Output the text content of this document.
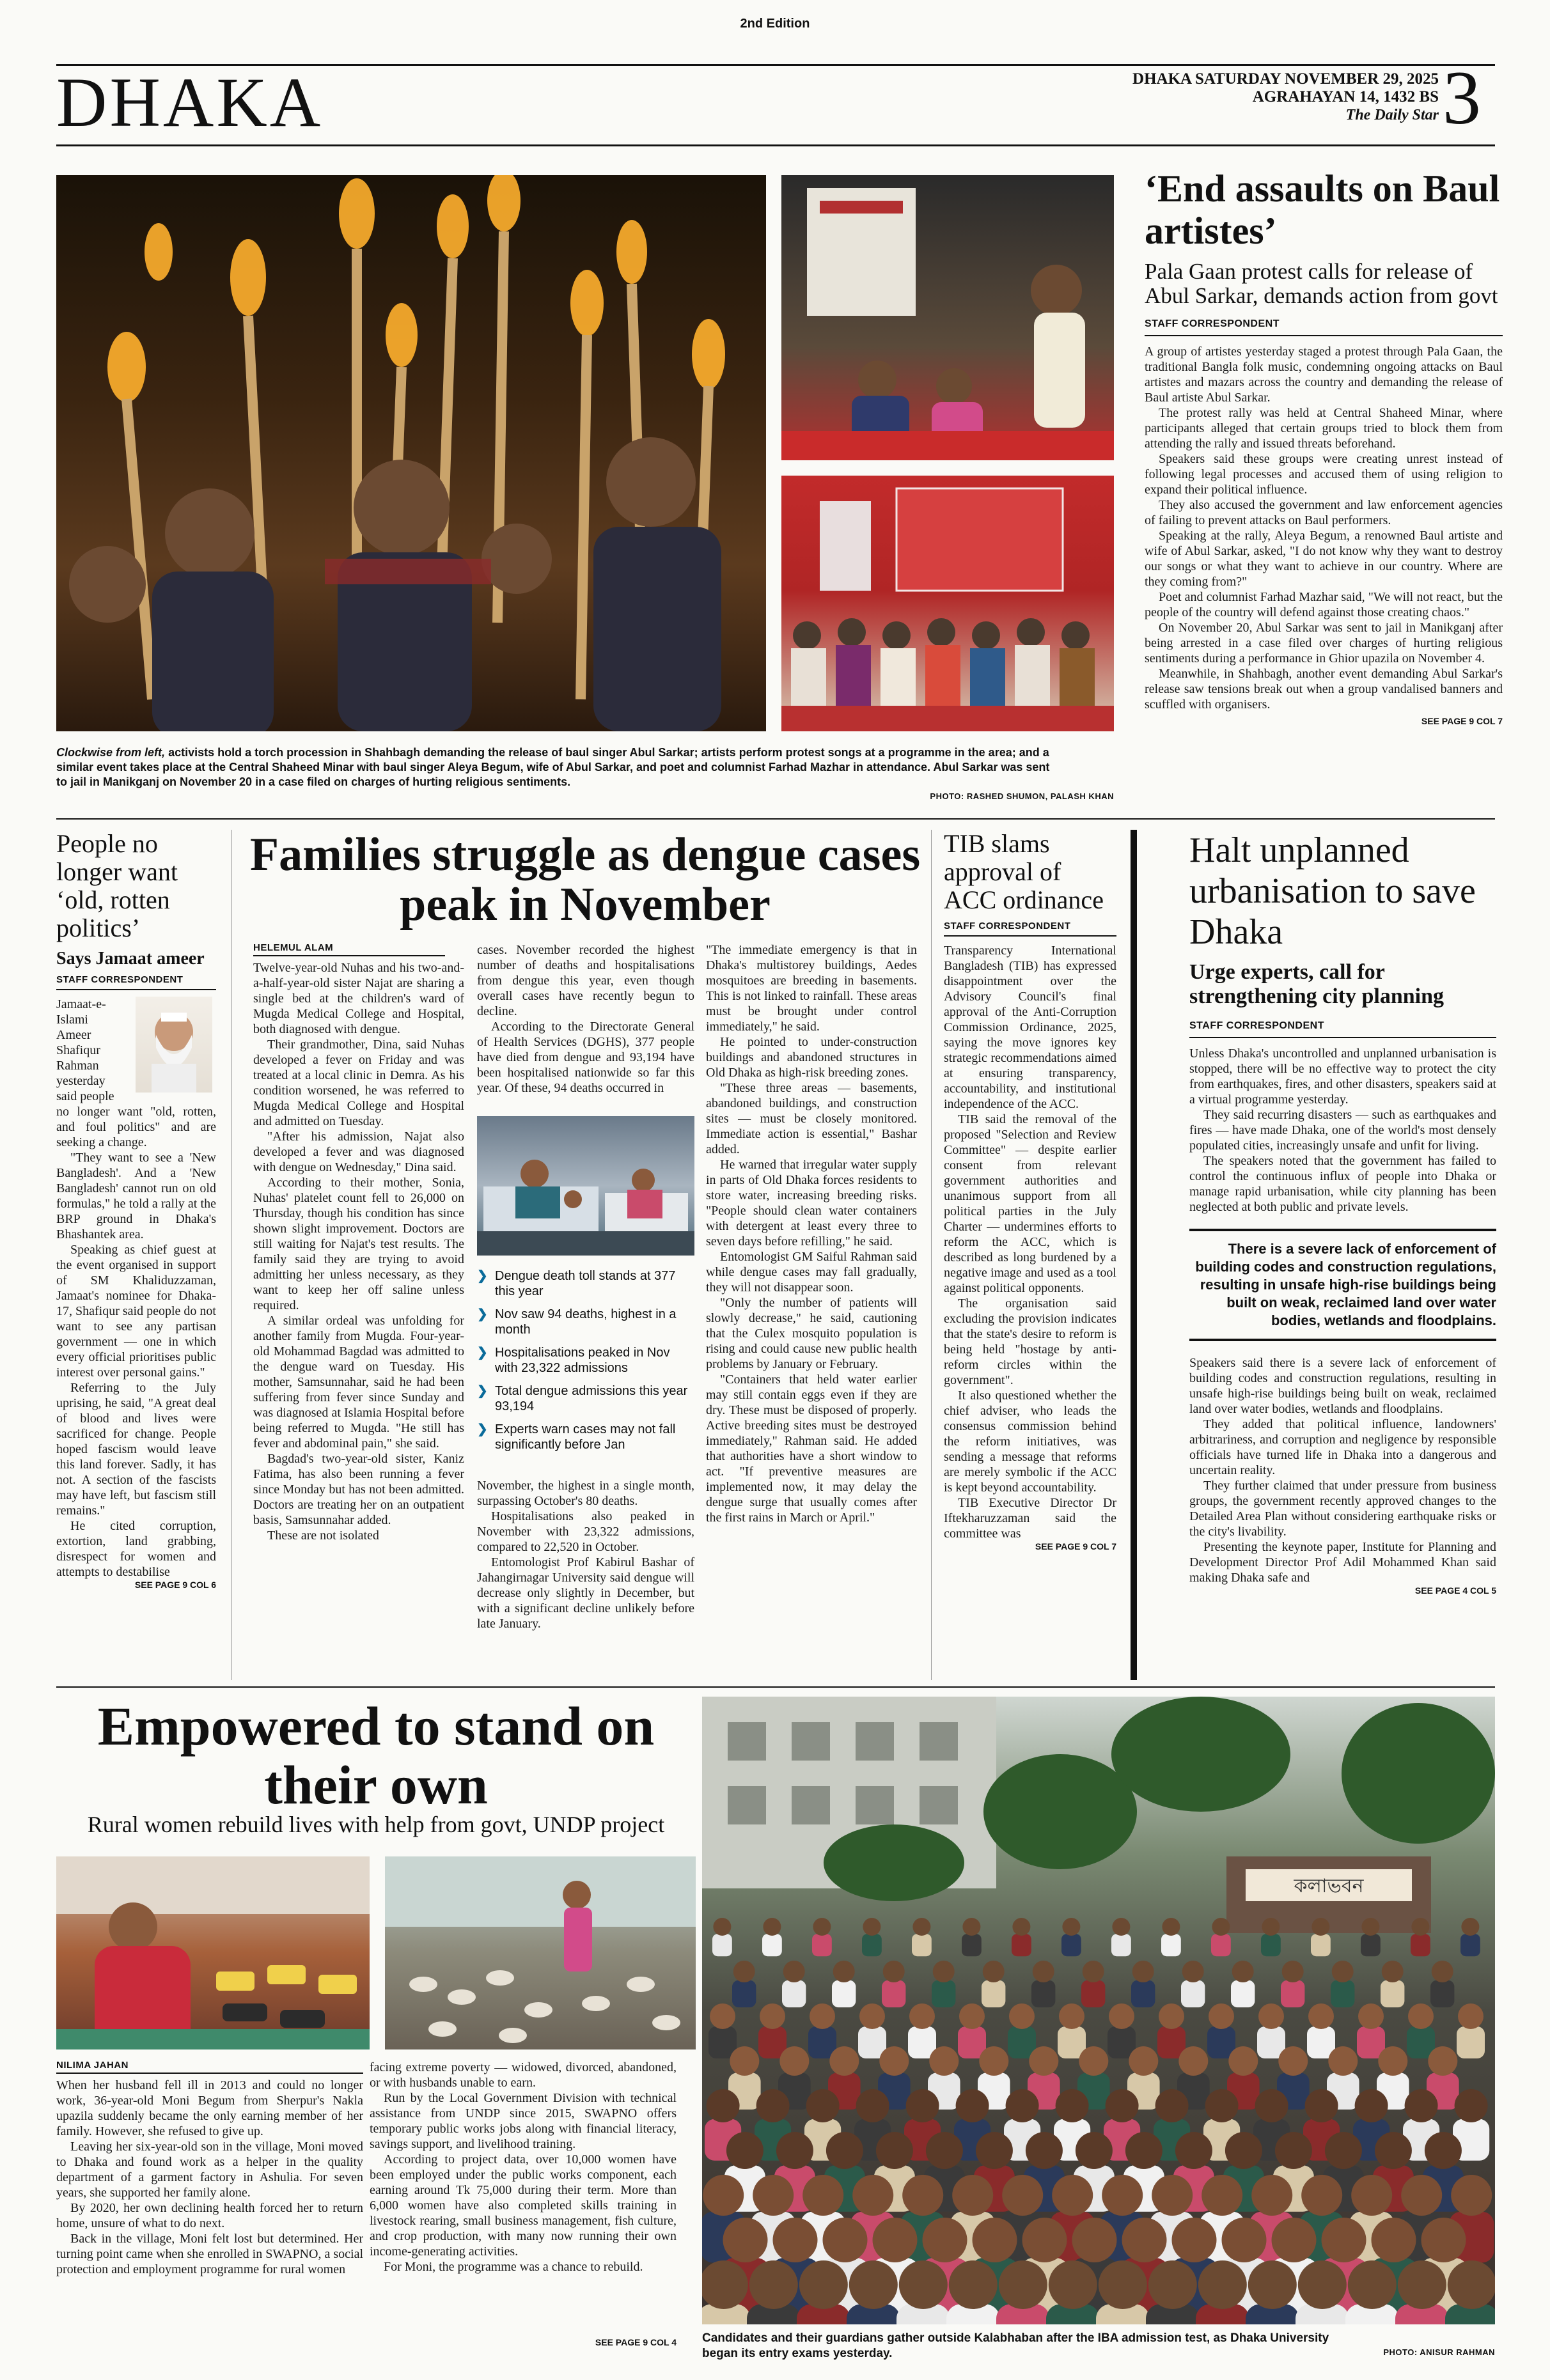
2nd Edition
DHAKA	DHAKA SATURDAY NOVEMBER 29, 2025
AGRAHAYAN 14, 1432 BS
The Daily Star 3
Clockwise from left, activists hold a torch procession in Shahbagh demanding the release of baul singer Abul Sarkar; artists perform protest songs at a programme in the area; and a similar event takes place at the Central Shaheed Minar with baul singer Aleya Begum, wife of Abul Sarkar, and poet and columnist Farhad Mazhar in attendance. Abul Sarkar was sent to jail in Manikganj on November 20 in a case filed on charges of hurting religious sentiments.
PHOTO: RASHED SHUMON, PALASH KHAN
‘End assaults on Baul artistes’
Pala Gaan protest calls for release of Abul Sarkar, demands action from govt
STAFF CORRESPONDENT

A group of artistes yesterday staged a protest through Pala Gaan, the traditional Bangla folk music, condemning ongoing attacks on Baul artistes and mazars across the country and demanding the release of Baul artiste Abul Sarkar.

The protest rally was held at Central Shaheed Minar, where participants alleged that certain groups tried to block them from attending the rally and issued threats beforehand.

Speakers said these groups were creating unrest instead of following legal processes and accused them of using religion to expand their political influence.

They also accused the government and law enforcement agencies of failing to prevent attacks on Baul performers.

Speaking at the rally, Aleya Begum, a renowned Baul artiste and wife of Abul Sarkar, asked, "I do not know why they want to destroy our songs or what they want to achieve in our country. Where are they coming from?"

Poet and columnist Farhad Mazhar said, "We will not react, but the people of the country will defend against those creating chaos."

On November 20, Abul Sarkar was sent to jail in Manikganj after being arrested in a case filed over charges of hurting religious sentiments during a performance in Ghior upazila on November 4.

Meanwhile, in Shahbagh, another event demanding Abul Sarkar's release saw tensions break out when a group vandalised banners and scuffled with organisers.

SEE PAGE 9 COL 7
People no longer want ‘old, rotten politics’
Says Jamaat ameer
STAFF CORRESPONDENT
Jamaat-e-Islami
Ameer
Shafiqur
Rahman
yesterday
said people

no longer want "old, rotten, and foul politics" and are seeking a change.

"They want to see a 'New Bangladesh'. And a 'New Bangladesh' cannot run on old formulas," he told a rally at the BRP ground in Dhaka's Bhashantek area.

Speaking as chief guest at the event organised in support of SM Khaliduzzaman, Jamaat's nominee for Dhaka-17, Shafiqur said people do not want to see any partisan government — one in which every official prioritises public interest over personal gains."

Referring to the July uprising, he said, "A great deal of blood and lives were sacrificed for change. People hoped fascism would leave this land forever. Sadly, it has not. A section of the fascists may have left, but fascism still remains."

He cited corruption, extortion, land grabbing, disrespect for women and attempts to destabilise

SEE PAGE 9 COL 6
Families struggle as dengue cases peak in November
HELEMUL ALAM

Twelve-year-old Nuhas and his two-and-a-half-year-old sister Najat are sharing a single bed at the children's ward of Mugda Medical College and Hospital, both diagnosed with dengue.

Their grandmother, Dina, said Nuhas developed a fever on Friday and was treated at a local clinic in Demra. As his condition worsened, he was referred to Mugda Medical College and Hospital and admitted on Tuesday.

"After his admission, Najat also developed a fever and was diagnosed with dengue on Wednesday," Dina said.

According to their mother, Sonia, Nuhas' platelet count fell to 26,000 on Thursday, though his condition has since shown slight improvement. Doctors are still waiting for Najat's test results. The family said they are trying to avoid admitting her unless necessary, as they want to keep her off saline unless required.

A similar ordeal was unfolding for another family from Mugda. Four-year-old Mohammad Bagdad was admitted to the dengue ward on Tuesday. His mother, Samsunnahar, said he had been suffering from fever since Sunday and was diagnosed at Islamia Hospital before being referred to Mugda. "He still has fever and abdominal pain," she said.

Bagdad's two-year-old sister, Kaniz Fatima, has also been running a fever since Monday but has not been admitted. Doctors are treating her on an outpatient basis, Samsunnahar added.

These are not isolated

cases. November recorded the highest number of deaths and hospitalisations from dengue this year, even though overall cases have recently begun to decline.

According to the Directorate General of Health Services (DGHS), 377 people have died from dengue and 93,194 have been hospitalised nationwide so far this year. Of these, 94 deaths occurred in

❯ Dengue death toll stands at 377 this year
❯ Nov saw 94 deaths, highest in a month
❯ Hospitalisations peaked in Nov with 23,322 admissions
❯ Total dengue admissions this year 93,194
❯ Experts warn cases may not fall significantly before Jan

November, the highest in a single month, surpassing October's 80 deaths.

Hospitalisations also peaked in November with 23,322 admissions, compared to 22,520 in October.

Entomologist Prof Kabirul Bashar of Jahangirnagar University said dengue will decrease only slightly in December, but with a significant decline unlikely before late January.

"The immediate emergency is that in Dhaka's multistorey buildings, Aedes mosquitoes are breeding in basements. This is not linked to rainfall. These areas must be brought under control immediately," he said.

He pointed to under-construction buildings and abandoned structures in Old Dhaka as high-risk breeding zones.

"These three areas — basements, abandoned buildings, and construction sites — must be closely monitored. Immediate action is essential," Bashar added.

He warned that irregular water supply in parts of Old Dhaka forces residents to store water, increasing breeding risks. "People should clean water containers with detergent at least every three to seven days before refilling," he said.

Entomologist GM Saiful Rahman said while dengue cases may fall gradually, they will not disappear soon.

"Only the number of patients will slowly decrease," he said, cautioning that the Culex mosquito population is rising and could cause new public health problems by January or February.

"Containers that held water earlier may still contain eggs even if they are dry. These must be disposed of properly. Active breeding sites must be destroyed immediately," Rahman said. He added that authorities have a short window to act. "If preventive measures are implemented now, it may delay the dengue surge that usually comes after the first rains in March or April."

TIB slams approval of ACC ordinance
STAFF CORRESPONDENT

Transparency International Bangladesh (TIB) has expressed disappointment over the Advisory Council's final approval of the Anti-Corruption Commission Ordinance, 2025, saying the move ignores key strategic recommendations aimed at ensuring transparency, accountability, and institutional independence of the ACC.

TIB said the removal of the proposed "Selection and Review Committee" — despite earlier consent from relevant government authorities and unanimous support from all political parties in the July Charter — undermines efforts to reform the ACC, which is described as long burdened by a negative image and used as a tool against political opponents.

The organisation said excluding the provision indicates that the state's desire to reform is being held "hostage by anti-reform circles within the government".

It also questioned whether the chief adviser, who leads the consensus commission behind the reform initiatives, was sending a message that reforms are merely symbolic if the ACC is kept beyond accountability.

TIB Executive Director Dr Iftekharuzzaman said the committee was

SEE PAGE 9 COL 7
Halt unplanned urbanisation to save Dhaka
Urge experts, call for strengthening city planning
STAFF CORRESPONDENT

Unless Dhaka's uncontrolled and unplanned urbanisation is stopped, there will be no effective way to protect the city from earthquakes, fires, and other disasters, speakers said at a virtual programme yesterday.

They said recurring disasters — such as earthquakes and fires — have made Dhaka, one of the world's most densely populated cities, increasingly unsafe and unfit for living.

The speakers noted that the government has failed to control the continuous influx of people into Dhaka or manage rapid urbanisation, while city planning has been neglected at both public and private levels.

There is a severe lack of enforcement of building codes and construction regulations, resulting in unsafe high-rise buildings being built on weak, reclaimed land over water bodies, wetlands and floodplains.

Speakers said there is a severe lack of enforcement of building codes and construction regulations, resulting in unsafe high-rise buildings being built on weak, reclaimed land over water bodies, wetlands and floodplains.

They added that political influence, landowners' arbitrariness, and corruption and negligence by responsible officials have turned life in Dhaka into a dangerous and uncertain reality.

They further claimed that under pressure from business groups, the government recently approved changes to the Detailed Area Plan without considering earthquake risks or the city's livability.

Presenting the keynote paper, Institute for Planning and Development Director Prof Adil Mohammed Khan said making Dhaka safe and

SEE PAGE 4 COL 5
Empowered to stand on their own
Rural women rebuild lives with help from govt, UNDP project
NILIMA JAHAN

When her husband fell ill in 2013 and could no longer work, 36-year-old Moni Begum from Sherpur's Nakla upazila suddenly became the only earning member of her family. However, she refused to give up.

Leaving her six-year-old son in the village, Moni moved to Dhaka and found work as a helper in the quality department of a garment factory in Ashulia. For seven years, she supported her family alone.

By 2020, her own declining health forced her to return home, unsure of what to do next.

Back in the village, Moni felt lost but determined. Her turning point came when she enrolled in SWAPNO, a social protection and employment programme for rural women

facing extreme poverty — widowed, divorced, abandoned, or with husbands unable to earn.

Run by the Local Government Division with technical assistance from UNDP since 2015, SWAPNO offers temporary public works jobs along with financial literacy, savings support, and livelihood training.

According to project data, over 10,000 women have been employed under the public works component, each earning around Tk 75,000 during their term. More than 6,000 women have also completed skills training in livestock rearing, small business management, fish culture, and crop production, with many now running their own income-generating activities.

For Moni, the programme was a chance to rebuild.

SEE PAGE 9 COL 4
কলাভবন
Candidates and their guardians gather outside Kalabhaban after the IBA admission test, as Dhaka University began its entry exams yesterday.	PHOTO: ANISUR RAHMAN
